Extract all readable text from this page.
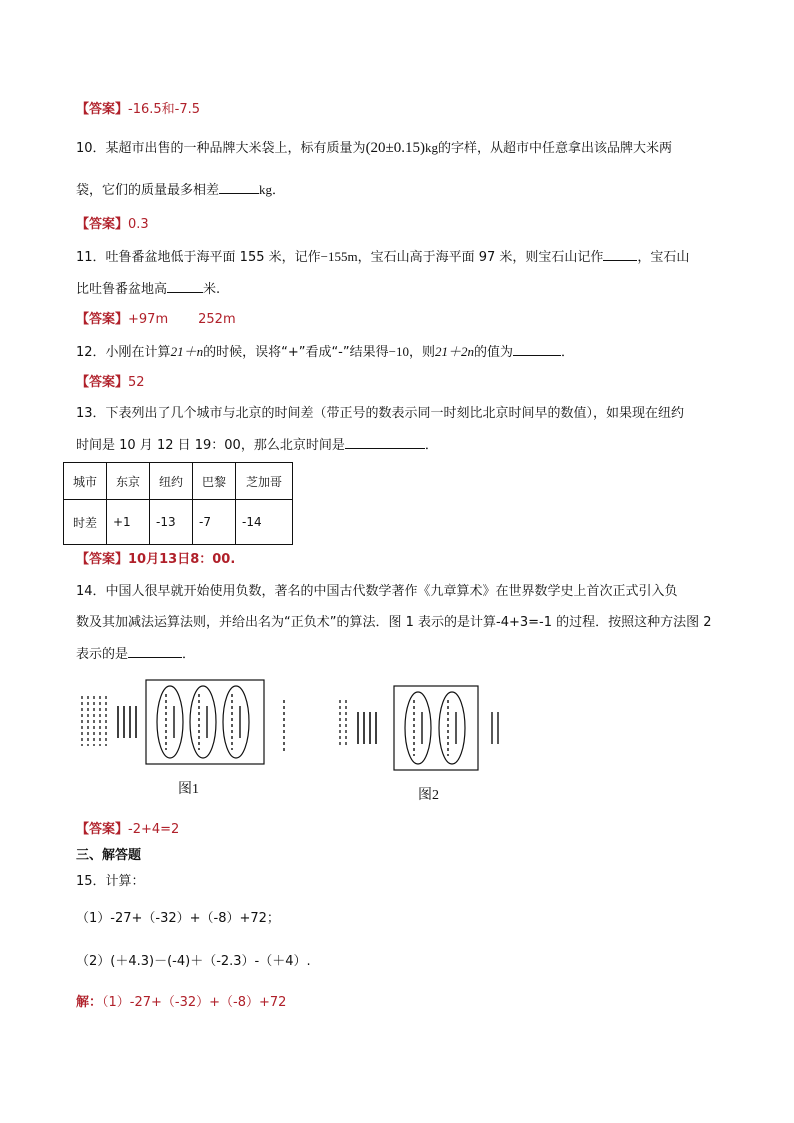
【答案】-16.5和-7.5
10．某超市出售的一种品牌大米袋上，标有质量为(20±0.15)kg的字样，从超市中任意拿出该品牌大米两
袋，它们的质量最多相差	kg．
【答案】0.3
11．吐鲁番盆地低于海平面 155 米，记作−155m，宝石山高于海平面 97 米，则宝石山记作	，宝石山
比吐鲁番盆地高	米.
【答案】+97m 252m
12．小刚在计算21＋n的时候，误将“+”看成“-”结果得−10，则21＋2n的值为	．
【答案】52
13．下表列出了几个城市与北京的时间差（带正号的数表示同一时刻比北京时间早的数值），如果现在纽约
时间是 10 月 12 日 19：00，那么北京时间是	．
城市	东京	纽约	巴黎	芝加哥
时差	+1	-13	-7	-14
【答案】10月13日8：00.
14．中国人很早就开始使用负数，著名的中国古代数学著作《九章算术》在世界数学史上首次正式引入负
数及其加减法运算法则，并给出名为“正负术”的算法．图 1 表示的是计算-4+3=-1 的过程．按照这种方法图 2
表示的是	．
图1	图2
【答案】-2+4=2
三、解答题
15．计算：
（1）-27+（-32）+（-8）+72；
（2）(＋4.3)－(-4)＋（-2.3）-（＋4）.
解：（1）-27+（-32）+（-8）+72
